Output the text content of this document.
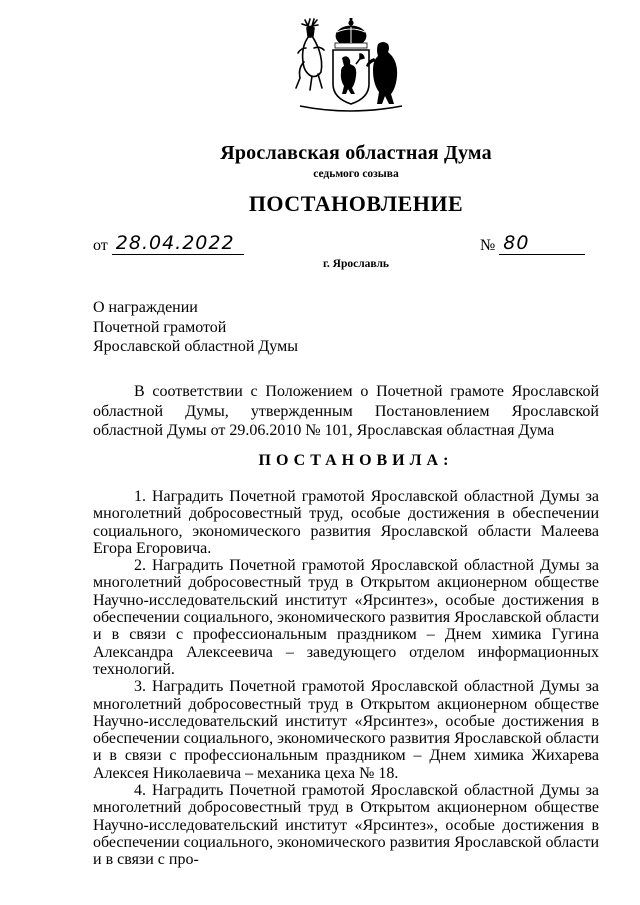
Ярославская областная Дума
седьмого созыва
ПОСТАНОВЛЕНИЕ
от 28.04.2022	№ 80
г. Ярославль
О награждении
Почетной грамотой
Ярославской областной Думы
В соответствии с Положением о Почетной грамоте Ярославской областной Думы, утвержденным Постановлением Ярославской областной Думы от 29.06.2010 № 101, Ярославская областная Дума
ПОСТАНОВИЛА:

1. Наградить Почетной грамотой Ярославской областной Думы за многолетний добросовестный труд, особые достижения в обеспечении социального, экономического развития Ярославской области Малеева Егора Егоровича.

2. Наградить Почетной грамотой Ярославской областной Думы за многолетний добросовестный труд в Открытом акционерном обществе Научно-исследовательский институт «Ярсинтез», особые достижения в обеспечении социального, экономического развития Ярославской области и в связи с профессиональным праздником – Днем химика Гугина Александра Алексеевича – заведующего отделом информационных технологий.

3. Наградить Почетной грамотой Ярославской областной Думы за многолетний добросовестный труд в Открытом акционерном обществе Научно-исследовательский институт «Ярсинтез», особые достижения в обеспечении социального, экономического развития Ярославской области и в связи с профессиональным праздником – Днем химика Жихарева Алексея Николаевича – механика цеха № 18.

4. Наградить Почетной грамотой Ярославской областной Думы за многолетний добросовестный труд в Открытом акционерном обществе Научно-исследовательский институт «Ярсинтез», особые достижения в обеспечении социального, экономического развития Ярославской области и в связи с про-
